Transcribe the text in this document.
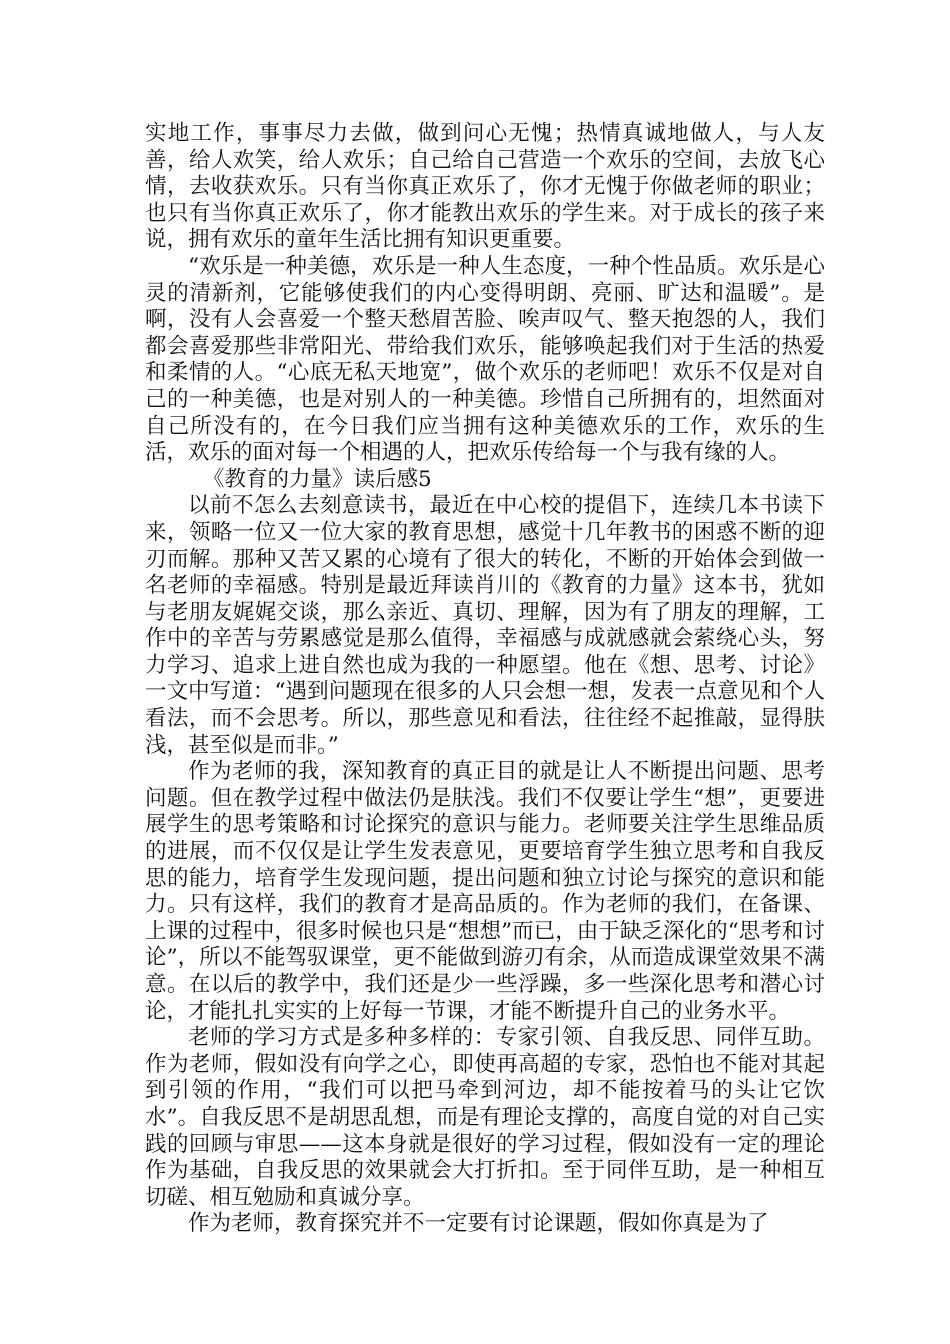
实地工作，事事尽力去做，做到问心无愧；热情真诚地做人，与人友善，给人欢笑，给人欢乐；自己给自己营造一个欢乐的空间，去放飞心情，去收获欢乐。只有当你真正欢乐了，你才无愧于你做老师的职业；也只有当你真正欢乐了，你才能教出欢乐的学生来。对于成长的孩子来说，拥有欢乐的童年生活比拥有知识更重要。

“欢乐是一种美德，欢乐是一种人生态度，一种个性品质。欢乐是心灵的清新剂，它能够使我们的内心变得明朗、亮丽、旷达和温暖”。是啊，没有人会喜爱一个整天愁眉苦脸、唉声叹气、整天抱怨的人，我们都会喜爱那些非常阳光、带给我们欢乐，能够唤起我们对于生活的热爱和柔情的人。“心底无私天地宽”，做个欢乐的老师吧！欢乐不仅是对自己的一种美德，也是对别人的一种美德。珍惜自己所拥有的，坦然面对自己所没有的，在今日我们应当拥有这种美德欢乐的工作，欢乐的生活，欢乐的面对每一个相遇的人，把欢乐传给每一个与我有缘的人。

《教育的力量》读后感5

以前不怎么去刻意读书，最近在中心校的提倡下，连续几本书读下来，领略一位又一位大家的教育思想，感觉十几年教书的困惑不断的迎刃而解。那种又苦又累的心境有了很大的转化，不断的开始体会到做一名老师的幸福感。特别是最近拜读肖川的《教育的力量》这本书，犹如与老朋友娓娓交谈，那么亲近、真切、理解，因为有了朋友的理解，工作中的辛苦与劳累感觉是那么值得，幸福感与成就感就会萦绕心头，努力学习、追求上进自然也成为我的一种愿望。他在《想、思考、讨论》一文中写道：“遇到问题现在很多的人只会想一想，发表一点意见和个人看法，而不会思考。所以，那些意见和看法，往往经不起推敲，显得肤浅，甚至似是而非。”

作为老师的我，深知教育的真正目的就是让人不断提出问题、思考问题。但在教学过程中做法仍是肤浅。我们不仅要让学生“想”，更要进展学生的思考策略和讨论探究的意识与能力。老师要关注学生思维品质的进展，而不仅仅是让学生发表意见，更要培育学生独立思考和自我反思的能力，培育学生发现问题，提出问题和独立讨论与探究的意识和能力。只有这样，我们的教育才是高品质的。作为老师的我们，在备课、上课的过程中，很多时候也只是“想想”而已，由于缺乏深化的“思考和讨论”，所以不能驾驭课堂，更不能做到游刃有余，从而造成课堂效果不满意。在以后的教学中，我们还是少一些浮躁，多一些深化思考和潜心讨论，才能扎扎实实的上好每一节课，才能不断提升自己的业务水平。

老师的学习方式是多种多样的：专家引领、自我反思、同伴互助。作为老师，假如没有向学之心，即使再高超的专家，恐怕也不能对其起到引领的作用，“我们可以把马牵到河边，却不能按着马的头让它饮水”。自我反思不是胡思乱想，而是有理论支撑的，高度自觉的对自己实践的回顾与审思——这本身就是很好的学习过程，假如没有一定的理论作为基础，自我反思的效果就会大打折扣。至于同伴互助，是一种相互切磋、相互勉励和真诚分享。

作为老师，教育探究并不一定要有讨论课题，假如你真是为了
